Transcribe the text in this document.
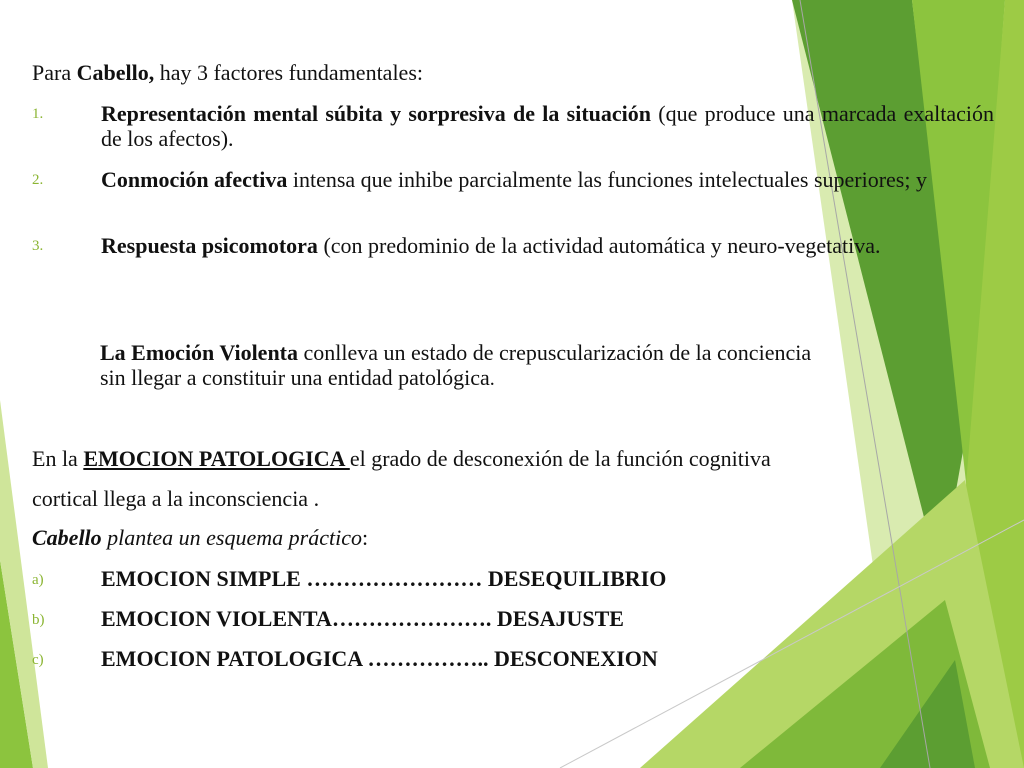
Para Cabello, hay 3 factores fundamentales:
1.	Representación mental súbita y sorpresiva de la situación (que produce una marcada exaltación de los afectos).
2.	Conmoción afectiva intensa que inhibe parcialmente las funciones intelectuales superiores; y
3.	Respuesta psicomotora (con predominio de la actividad automática y neuro-vegetativa.
La Emoción Violenta conlleva un estado de crepuscularización de la conciencia
sin llegar a constituir una entidad patológica.
En la EMOCION PATOLOGICA el grado de desconexión de la función cognitiva
cortical llega a la inconsciencia .
Cabello plantea un esquema práctico:
a)	EMOCION SIMPLE …………………… DESEQUILIBRIO
b)	EMOCION VIOLENTA…………………. DESAJUSTE
c)	EMOCION PATOLOGICA …………….. DESCONEXION
